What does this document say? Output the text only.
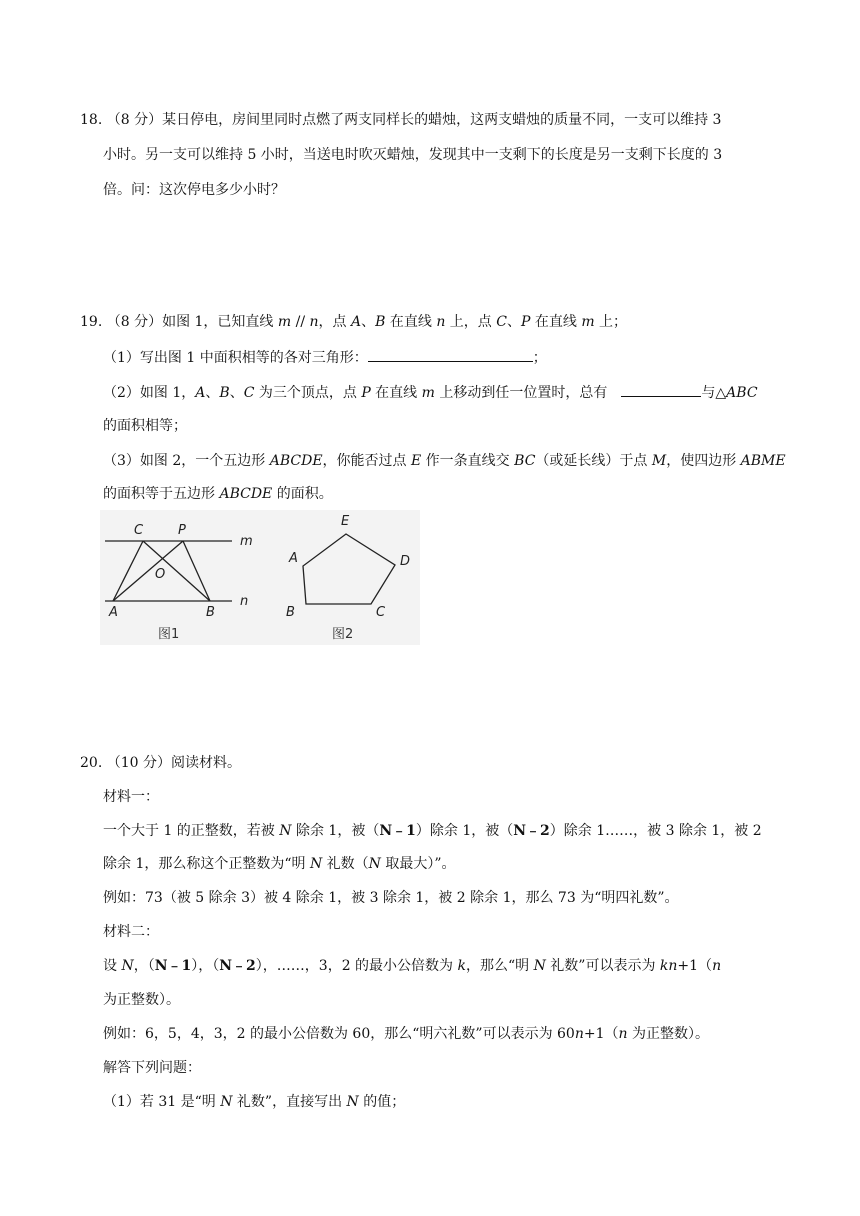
18. （8 分）某日停电，房间里同时点燃了两支同样长的蜡烛，这两支蜡烛的质量不同，一支可以维持 3
小时。另一支可以维持 5 小时，当送电时吹灭蜡烛，发现其中一支剩下的长度是另一支剩下长度的 3
倍。问：这次停电多少小时？
19. （8 分）如图 1，已知直线 m // n，点 A、B 在直线 n 上，点 C、P 在直线 m 上；
（1）写出图 1 中面积相等的各对三角形：	；
（2）如图 1，A、B、C 为三个顶点，点 P 在直线 m 上移动到任一位置时，总有	与△ABC
的面积相等；
（3）如图 2，一个五边形 ABCDE，你能否过点 E 作一条直线交 BC（或延长线）于点 M，使四边形 ABME
的面积等于五边形 ABCDE 的面积。
C	P
O
A	B
m
n
图1
E
A	D
B	C
图2
20. （10 分）阅读材料。
材料一：
一个大于 1 的正整数，若被 N 除余 1，被（N﹣1）除余 1，被（N﹣2）除余 1……，被 3 除余 1，被 2
除余 1，那么称这个正整数为“明 N 礼数（N 取最大）”。
例如：73（被 5 除余 3）被 4 除余 1，被 3 除余 1，被 2 除余 1，那么 73 为“明四礼数”。
材料二：
设 N，（N﹣1），（N﹣2），……，3，2 的最小公倍数为 k，那么“明 N 礼数”可以表示为 kn+1（n
为正整数）。
例如：6，5，4，3，2 的最小公倍数为 60，那么“明六礼数”可以表示为 60n+1（n 为正整数）。
解答下列问题：
（1）若 31 是“明 N 礼数”，直接写出 N 的值；
